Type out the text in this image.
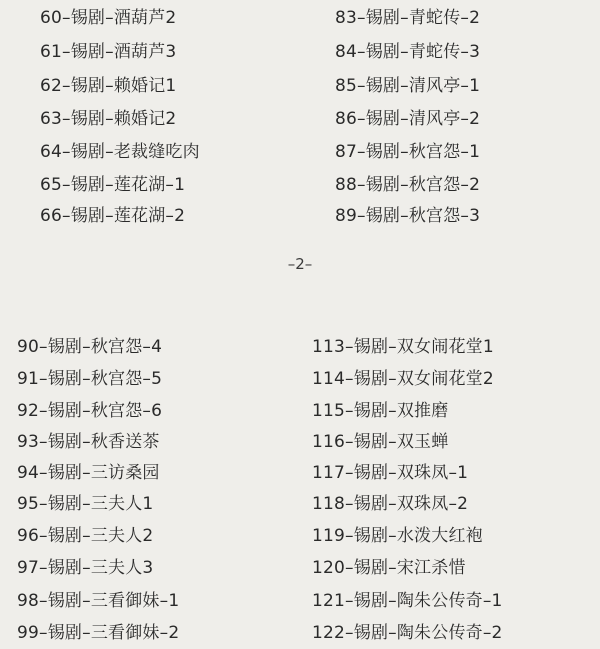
60–锡剧–酒葫芦2
61–锡剧–酒葫芦3
62–锡剧–赖婚记1
63–锡剧–赖婚记2
64–锡剧–老裁缝吃肉
65–锡剧–莲花湖–1
66–锡剧–莲花湖–2
83–锡剧–青蛇传–2
84–锡剧–青蛇传–3
85–锡剧–清风亭–1
86–锡剧–清风亭–2
87–锡剧–秋宫怨–1
88–锡剧–秋宫怨–2
89–锡剧–秋宫怨–3
–2–
90–锡剧–秋宫怨–4
91–锡剧–秋宫怨–5
92–锡剧–秋宫怨–6
93–锡剧–秋香送茶
94–锡剧–三访桑园
95–锡剧–三夫人1
96–锡剧–三夫人2
97–锡剧–三夫人3
98–锡剧–三看御妹–1
99–锡剧–三看御妹–2
113–锡剧–双女闹花堂1
114–锡剧–双女闹花堂2
115–锡剧–双推磨
116–锡剧–双玉蝉
117–锡剧–双珠凤–1
118–锡剧–双珠凤–2
119–锡剧–水泼大红袍
120–锡剧–宋江杀惜
121–锡剧–陶朱公传奇–1
122–锡剧–陶朱公传奇–2
